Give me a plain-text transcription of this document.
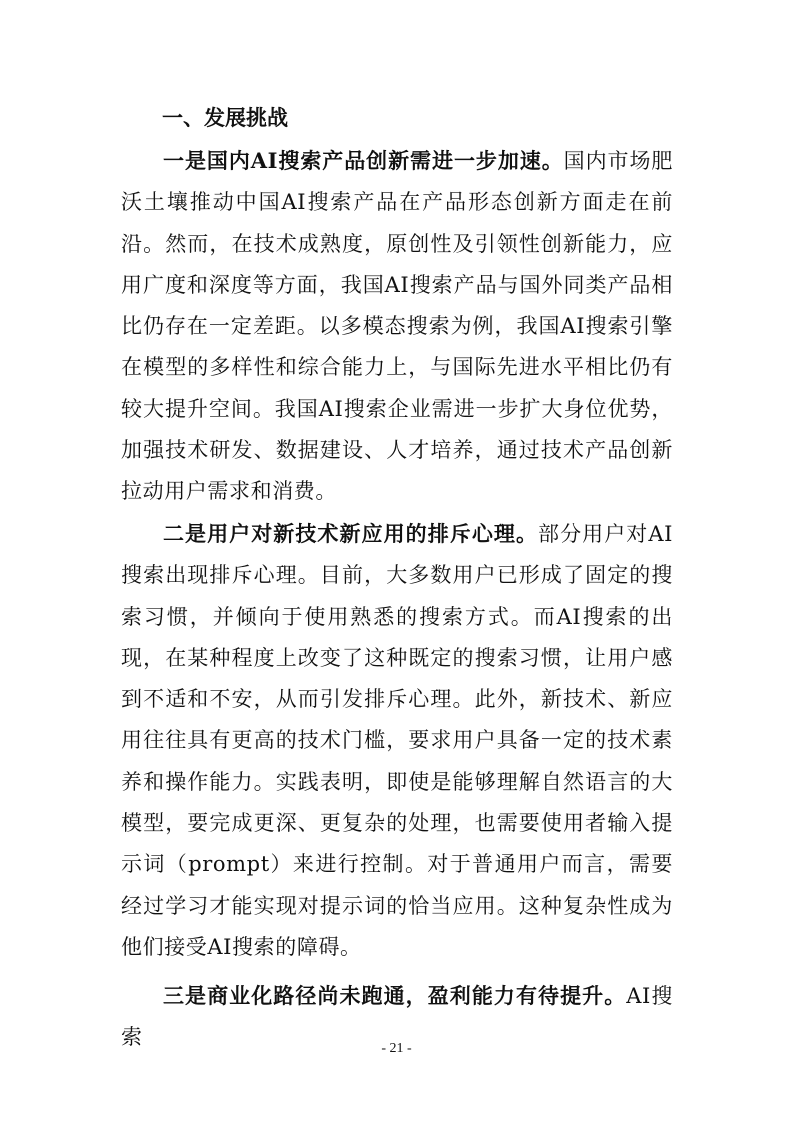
一、发展挑战

一是国内AI搜索产品创新需进一步加速。国内市场肥沃土壤推动中国AI搜索产品在产品形态创新方面走在前沿。然而，在技术成熟度，原创性及引领性创新能力，应用广度和深度等方面，我国AI搜索产品与国外同类产品相比仍存在一定差距。以多模态搜索为例，我国AI搜索引擎在模型的多样性和综合能力上，与国际先进水平相比仍有较大提升空间。我国AI搜索企业需进一步扩大身位优势，加强技术研发、数据建设、人才培养，通过技术产品创新拉动用户需求和消费。

二是用户对新技术新应用的排斥心理。部分用户对AI搜索出现排斥心理。目前，大多数用户已形成了固定的搜索习惯，并倾向于使用熟悉的搜索方式。而AI搜索的出现，在某种程度上改变了这种既定的搜索习惯，让用户感到不适和不安，从而引发排斥心理。此外，新技术、新应用往往具有更高的技术门槛，要求用户具备一定的技术素养和操作能力。实践表明，即使是能够理解自然语言的大模型，要完成更深、更复杂的处理，也需要使用者输入提示词（prompt）来进行控制。对于普通用户而言，需要经过学习才能实现对提示词的恰当应用。这种复杂性成为他们接受AI搜索的障碍。

三是商业化路径尚未跑通，盈利能力有待提升。AI搜索	- 21 -
